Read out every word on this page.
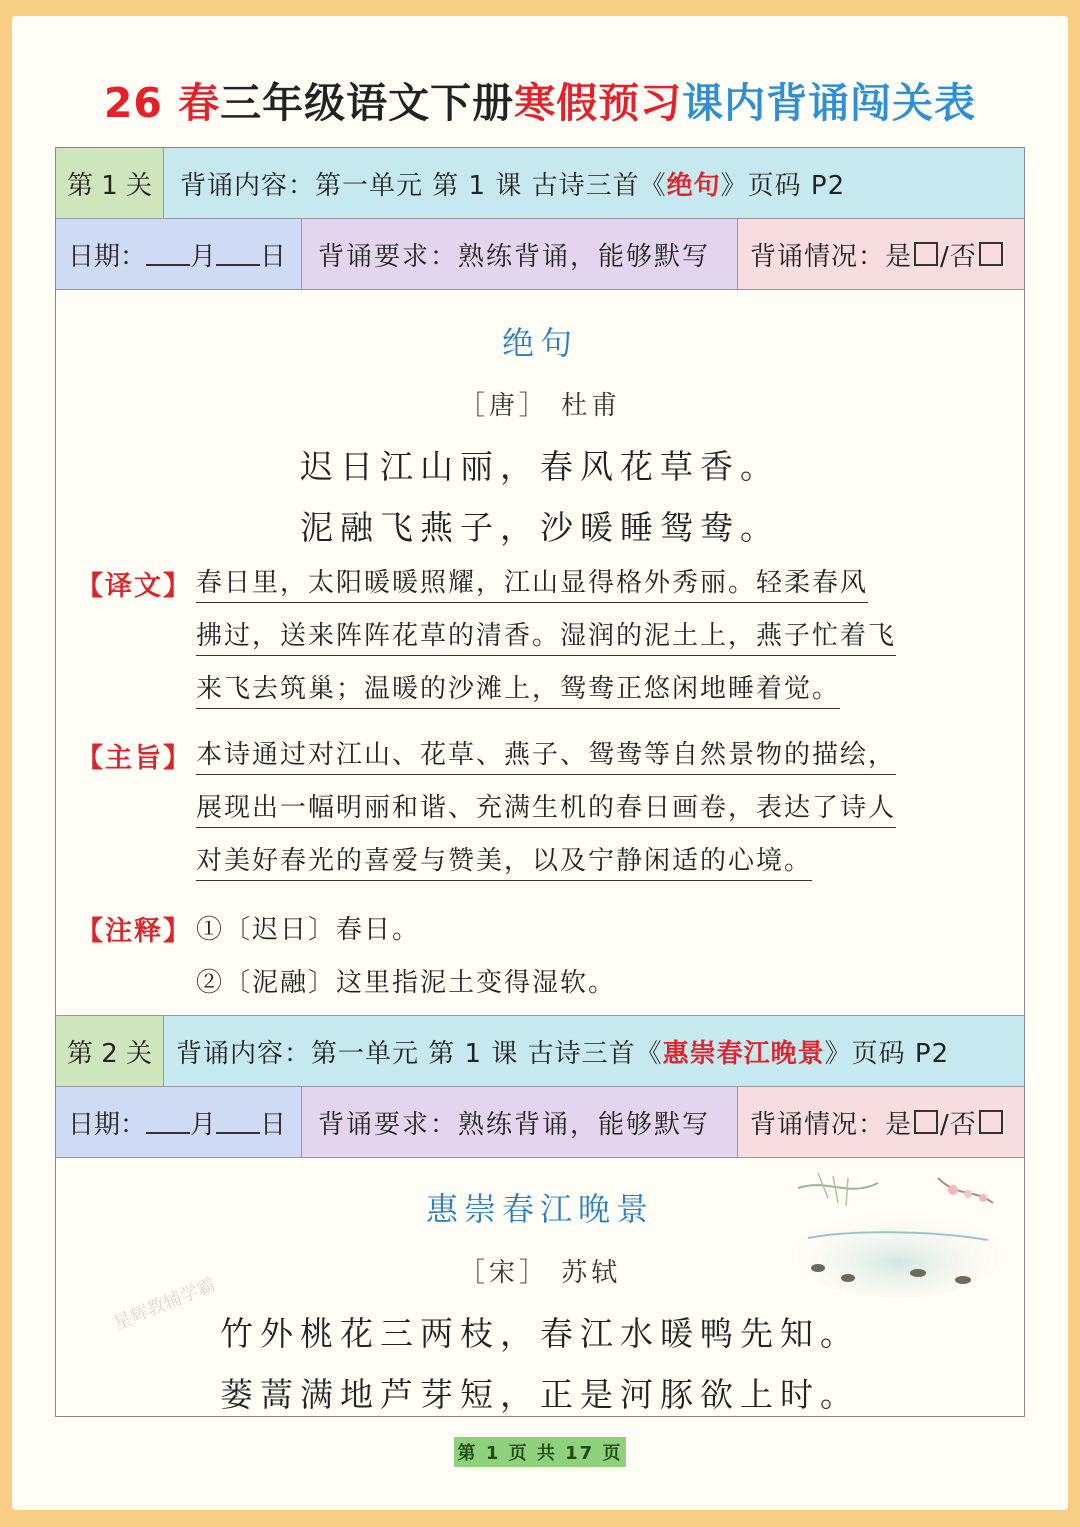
26 春三年级语文下册寒假预习课内背诵闯关表
第 1 关	背诵内容：第一单元 第 1 课 古诗三首《 绝句 》页码 P2
日期： 月 日	背诵要求：熟练背诵，能够默写	背诵情况：是 /否
绝句
［唐］ 杜甫
迟日江山丽，春风花草香。
泥融飞燕子，沙暖睡鸳鸯。
【译文】 春日里，太阳暖暖照耀，江山显得格外秀丽。轻柔春风
拂过，送来阵阵花草的清香。湿润的泥土上，燕子忙着飞
来飞去筑巢；温暖的沙滩上，鸳鸯正悠闲地睡着觉。
【主旨】 本诗通过对江山、花草、燕子、鸳鸯等自然景物的描绘，
展现出一幅明丽和谐、充满生机的春日画卷，表达了诗人
对美好春光的喜爱与赞美，以及宁静闲适的心境。
【注释】 ①〔迟日〕春日。
②〔泥融〕这里指泥土变得湿软。
第 2 关 背诵内容：第一单元 第 1 课 古诗三首《 惠崇春江晚景 》页码 P2
日期： 月 日	背诵要求：熟练背诵，能够默写	背诵情况：是 /否
惠崇春江晚景
［宋］ 苏轼
竹外桃花三两枝，春江水暖鸭先知。
蒌蒿满地芦芽短，正是河豚欲上时。
星辉教辅学霸
第 1 页 共 17 页
